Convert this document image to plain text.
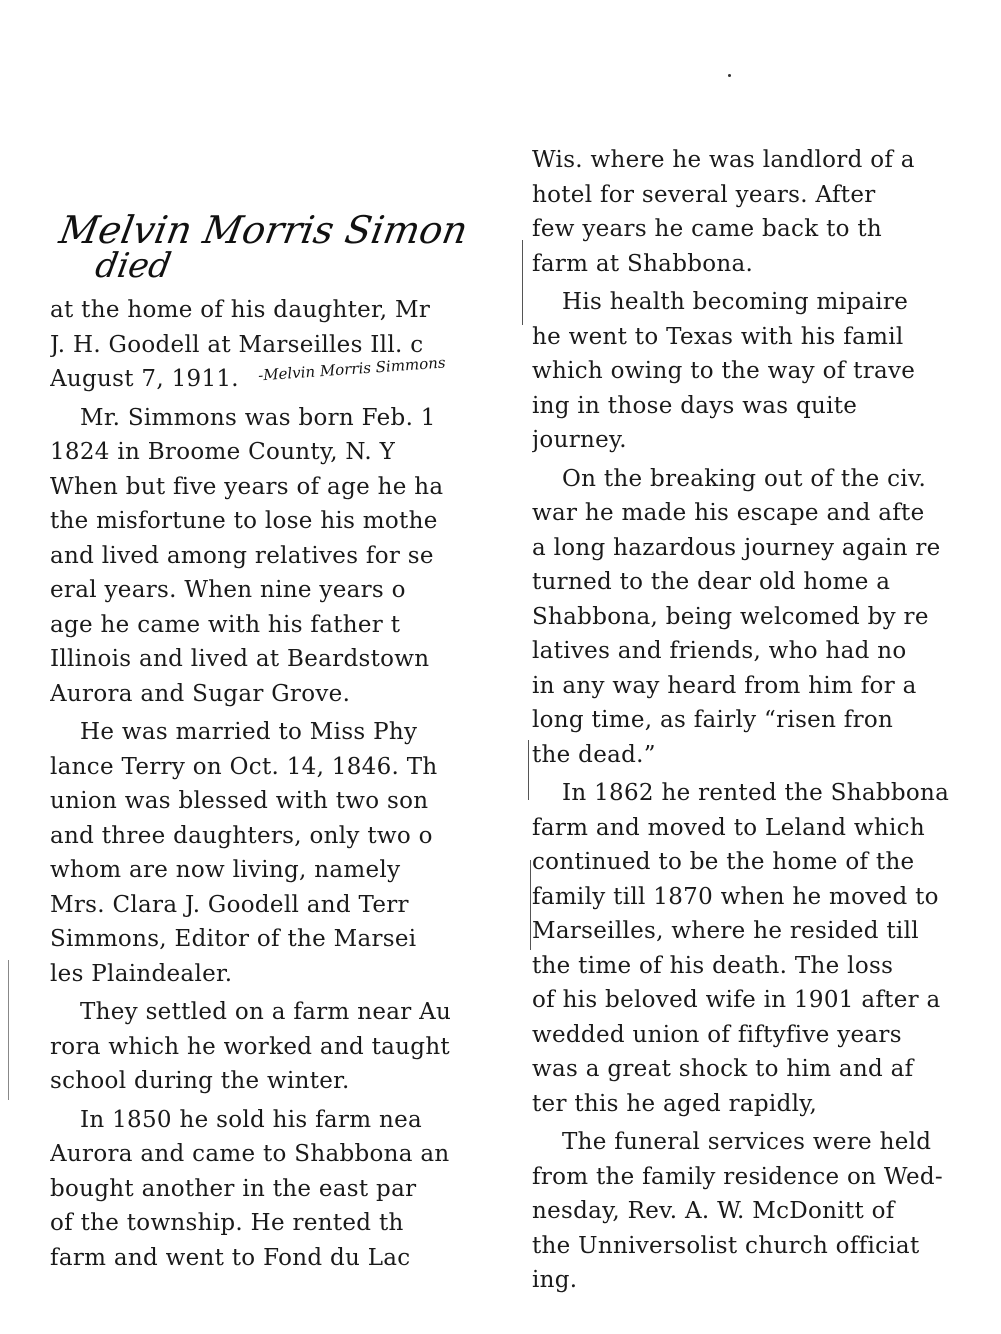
Melvin Morris Simon
died
-Melvin Morris Simmons
at the home of his daughter, Mr
J. H. Goodell at Marseilles Ill. c
August 7, 1911.
Mr. Simmons was born Feb. 1
1824 in Broome County, N. Y
When but five years of age he ha
the misfortune to lose his mothe
and lived among relatives for se
eral years. When nine years o
age he came with his father t
Illinois and lived at Beardstown
Aurora and Sugar Grove.
He was married to Miss Phy
lance Terry on Oct. 14, 1846. Th
union was blessed with two son
and three daughters, only two o
whom are now living, namely
Mrs. Clara J. Goodell and Terr
Simmons, Editor of the Marsei
les Plaindealer.
They settled on a farm near Au
rora which he worked and taught
school during the winter.
In 1850 he sold his farm nea
Aurora and came to Shabbona an
bought another in the east par
of the township. He rented th
farm and went to Fond du Lac
Wis. where he was landlord of a
hotel for several years. After
few years he came back to th
farm at Shabbona.
His health becoming mipaire
he went to Texas with his famil
which owing to the way of trave
ing in those days was quite
journey.
On the breaking out of the civ.
war he made his escape and afte
a long hazardous journey again re
turned to the dear old home a
Shabbona, being welcomed by re
latives and friends, who had no
in any way heard from him for a
long time, as fairly “risen fron
the dead.”
In 1862 he rented the Shabbona
farm and moved to Leland which
continued to be the home of the
family till 1870 when he moved to
Marseilles, where he resided till
the time of his death. The loss
of his beloved wife in 1901 after a
wedded union of fiftyfive years
was a great shock to him and af
ter this he aged rapidly,
The funeral services were held
from the family residence on Wed-
nesday, Rev. A. W. McDonitt of
the Unniversolist church officiat
ing.
